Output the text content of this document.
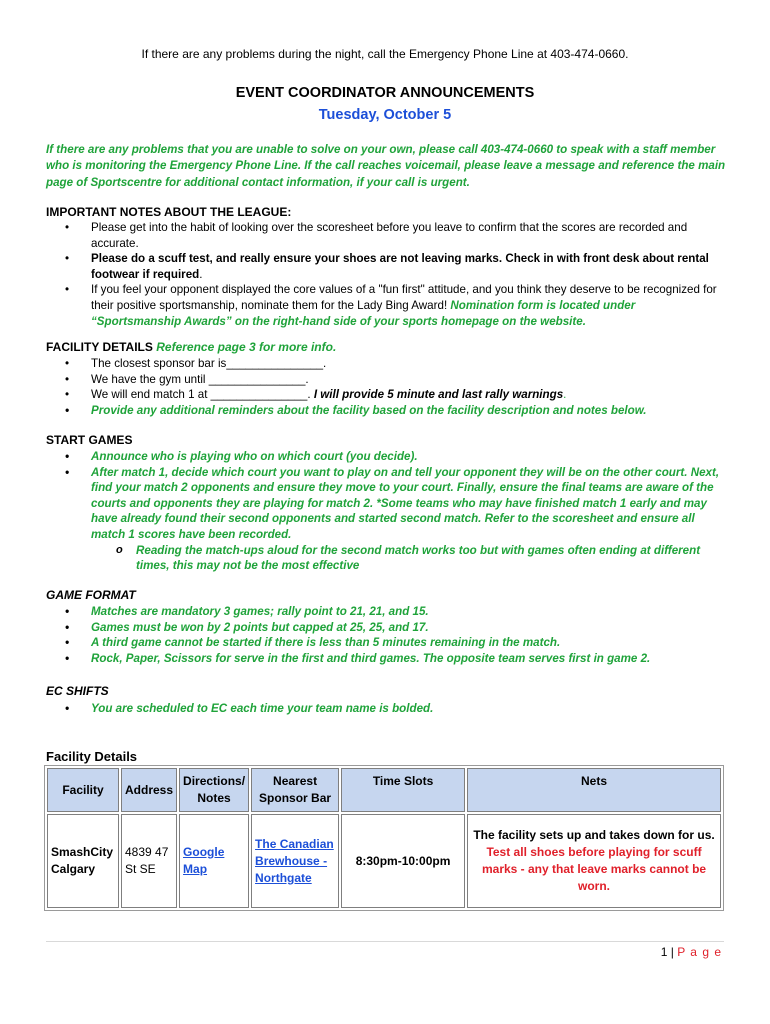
If there are any problems during the night, call the Emergency Phone Line at 403-474-0660.
EVENT COORDINATOR ANNOUNCEMENTS
Tuesday, October 5
If there are any problems that you are unable to solve on your own, please call 403-474-0660 to speak with a staff member who is monitoring the Emergency Phone Line. If the call reaches voicemail, please leave a message and reference the main page of Sportscentre for additional contact information, if your call is urgent.
IMPORTANT NOTES ABOUT THE LEAGUE:
• Please get into the habit of looking over the scoresheet before you leave to confirm that the scores are recorded and accurate.
• Please do a scuff test, and really ensure your shoes are not leaving marks. Check in with front desk about rental footwear if required.
• If you feel your opponent displayed the core values of a "fun first" attitude, and you think they deserve to be recognized for their positive sportsmanship, nominate them for the Lady Bing Award! Nomination form is located under “Sportsmanship Awards” on the right-hand side of your sports homepage on the website.
FACILITY DETAILS Reference page 3 for more info.
• The closest sponsor bar is_______________.
• We have the gym until _______________.
• We will end match 1 at _______________. I will provide 5 minute and last rally warnings.
• Provide any additional reminders about the facility based on the facility description and notes below.
START GAMES
• Announce who is playing who on which court (you decide).
• After match 1, decide which court you want to play on and tell your opponent they will be on the other court. Next, find your match 2 opponents and ensure they move to your court. Finally, ensure the final teams are aware of the courts and opponents they are playing for match 2. *Some teams who may have finished match 1 early and may have already found their second opponents and started second match. Refer to the scoresheet and ensure all match 1 scores have been recorded.
o Reading the match-ups aloud for the second match works too but with games often ending at different times, this may not be the most effective
GAME FORMAT
• Matches are mandatory 3 games; rally point to 21, 21, and 15.
• Games must be won by 2 points but capped at 25, 25, and 17.
• A third game cannot be started if there is less than 5 minutes remaining in the match.
• Rock, Paper, Scissors for serve in the first and third games. The opposite team serves first in game 2.
EC SHIFTS
• You are scheduled to EC each time your team name is bolded.
Facility Details
Facility	Address	Directions/ Notes	Nearest Sponsor Bar	Time Slots	Nets
SmashCity Calgary	4839 47 St SE	Google Map	The Canadian Brewhouse - Northgate	8:30pm-10:00pm	The facility sets up and takes down for us.
Test all shoes before playing for scuff marks - any that leave marks cannot be worn.
1 | P a g e
